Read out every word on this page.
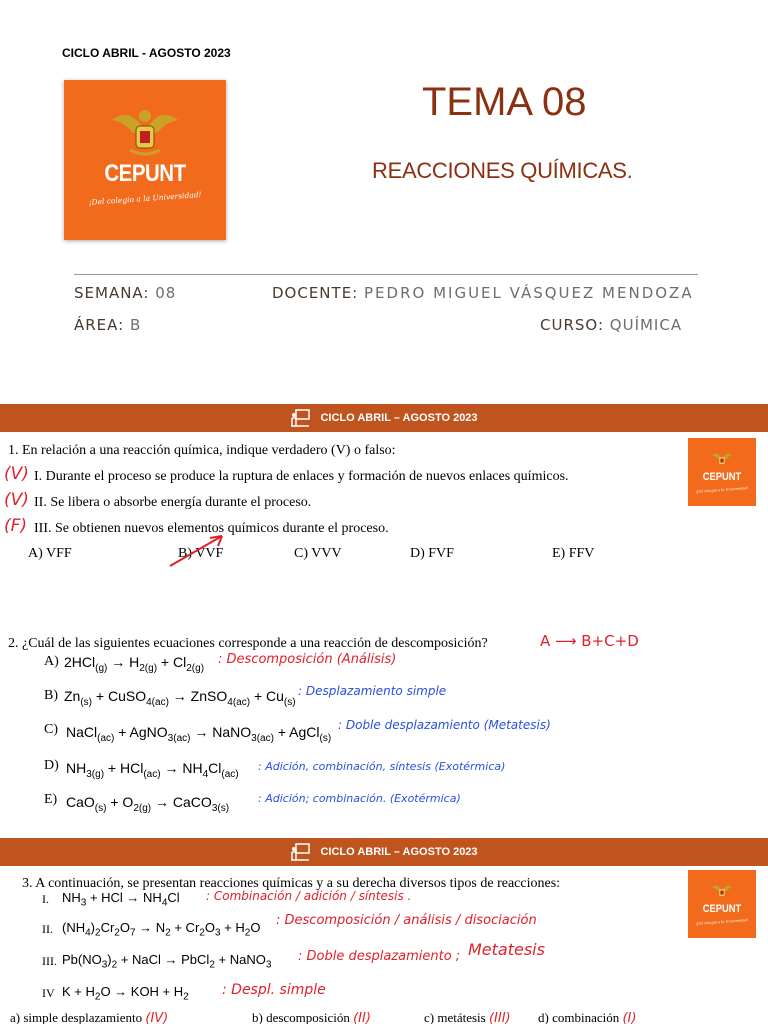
CICLO ABRIL - AGOSTO 2023
CEPUNT
¡Del colegio a la Universidad!
TEMA 08
REACCIONES QUÍMICAS.
SEMANA: 08	DOCENTE: PEDRO MIGUEL VÁSQUEZ MENDOZA
ÁREA: B	CURSO: QUÍMICA
CICLO ABRIL – AGOSTO 2023
CEPUNT
¡Del colegio a la Universidad!
1. En relación a una reacción química, indique verdadero (V) o falso:
(V) I. Durante el proceso se produce la ruptura de enlaces y formación de nuevos enlaces químicos.
(V) II. Se libera o absorbe energía durante el proceso.
(F) III. Se obtienen nuevos elementos químicos durante el proceso.
A) VFF	B) VVF	C) VVV	D) FVF	E) FFV
2. ¿Cuál de las siguientes ecuaciones corresponde a una reacción de descomposición?	A ⟶ B+C+D
A) $2HCl_{(g)} \to H_{2(g)} + Cl_{2(g)}$
: Descomposición (Análisis)
B) $Zn_{(s)}$ + CuSO$_{4(ac)}$ → ZnSO$_{4(ac)}$ + $Cu_{(s)}$
: Desplazamiento simple
C) NaCl$_{(ac)}$ + AgNO$_{3(ac)}$ → NaNO$_{3(ac)}$ + AgCl$_{(s)}$
: Doble desplazamiento (Metatesis)
D) $NH_{3(g)} + HCl_{(ac)} \to NH_4Cl_{(ac)}$
: Adición, combinación, síntesis (Exotérmica)
E) $CaO_{(s)} + O_{2(g)}$ → CaCO$_{3(s)}$
: Adición; combinación. (Exotérmica)
CICLO ABRIL – AGOSTO 2023
CEPUNT
¡Del colegio a la Universidad!
3. A continuación, se presentan reacciones químicas y a su derecha diversos tipos de reacciones:
I. $NH_3$ + HCl → $NH_4Cl$ : Combinación / adición / síntesis .
II. $(NH_4)_2Cr_2O_7 \to N_2 + Cr_2O_3 + H_2O$ : Descomposición / análisis / disociación
III. $Pb(NO_3)_2$ + NaCl → PbCl$_2$ + NaNO$_3$
: Doble desplazamiento ; Metatesis
IV $K + H_2O$ → KOH + $H_2$ : Despl. simple
a) simple desplazamiento (IV)	b) descomposición (II)	c) metátesis (III) d) combinación (I)
